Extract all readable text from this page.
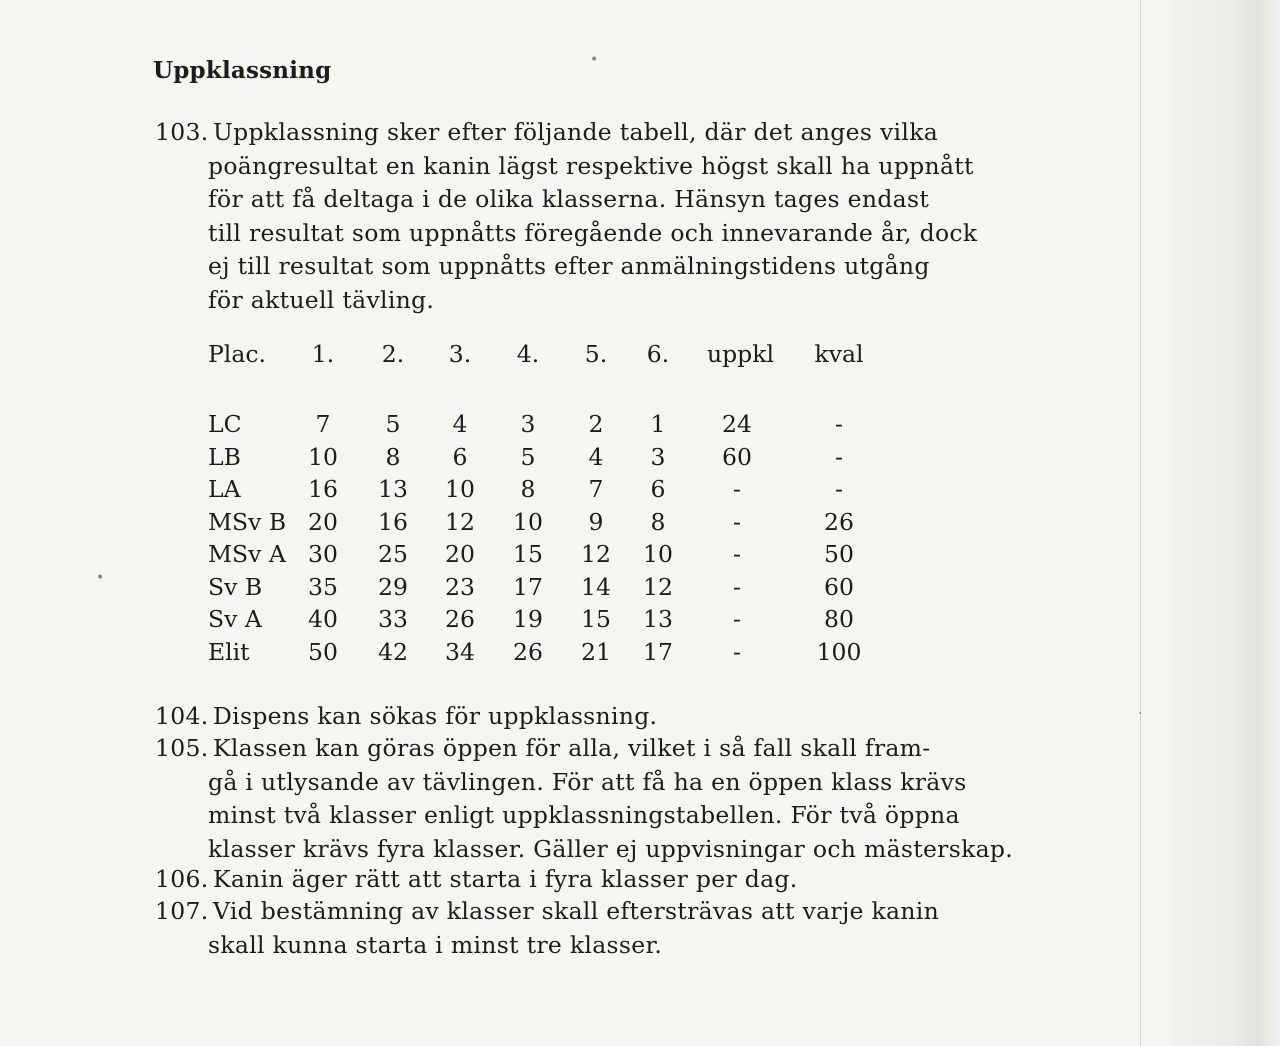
Uppklassning
103. Uppklassning sker efter följande tabell, där det anges vilka
poängresultat en kanin lägst respektive högst skall ha uppnått
för att få deltaga i de olika klasserna. Hänsyn tages endast
till resultat som uppnåtts föregående och innevarande år, dock
ej till resultat som uppnåtts efter anmälningstidens utgång
för aktuell tävling.
Plac.	1.	2.	3.	4.	5.	6.	uppkl kval
LC	7	5	4	3	2	1	24	-
LB	10	8	6	5	4	3	60	-
LA	16	13	10	8	7	6	-	-
MSv B 20	16	12	10	9	8	-	26
MSv A 30	25	20	15	12	10	-	50
Sv B	35	29	23	17	14	12	-	60
Sv A	40	33	26	19	15	13	-	80
Elit	50	42	34	26	21	17	-	100
104. Dispens kan sökas för uppklassning.
105. Klassen kan göras öppen för alla, vilket i så fall skall fram-
gå i utlysande av tävlingen. För att få ha en öppen klass krävs
minst två klasser enligt uppklassningstabellen. För två öppna
klasser krävs fyra klasser. Gäller ej uppvisningar och mästerskap.
106. Kanin äger rätt att starta i fyra klasser per dag.
107. Vid bestämning av klasser skall eftersträvas att varje kanin
skall kunna starta i minst tre klasser.
•
•
·
